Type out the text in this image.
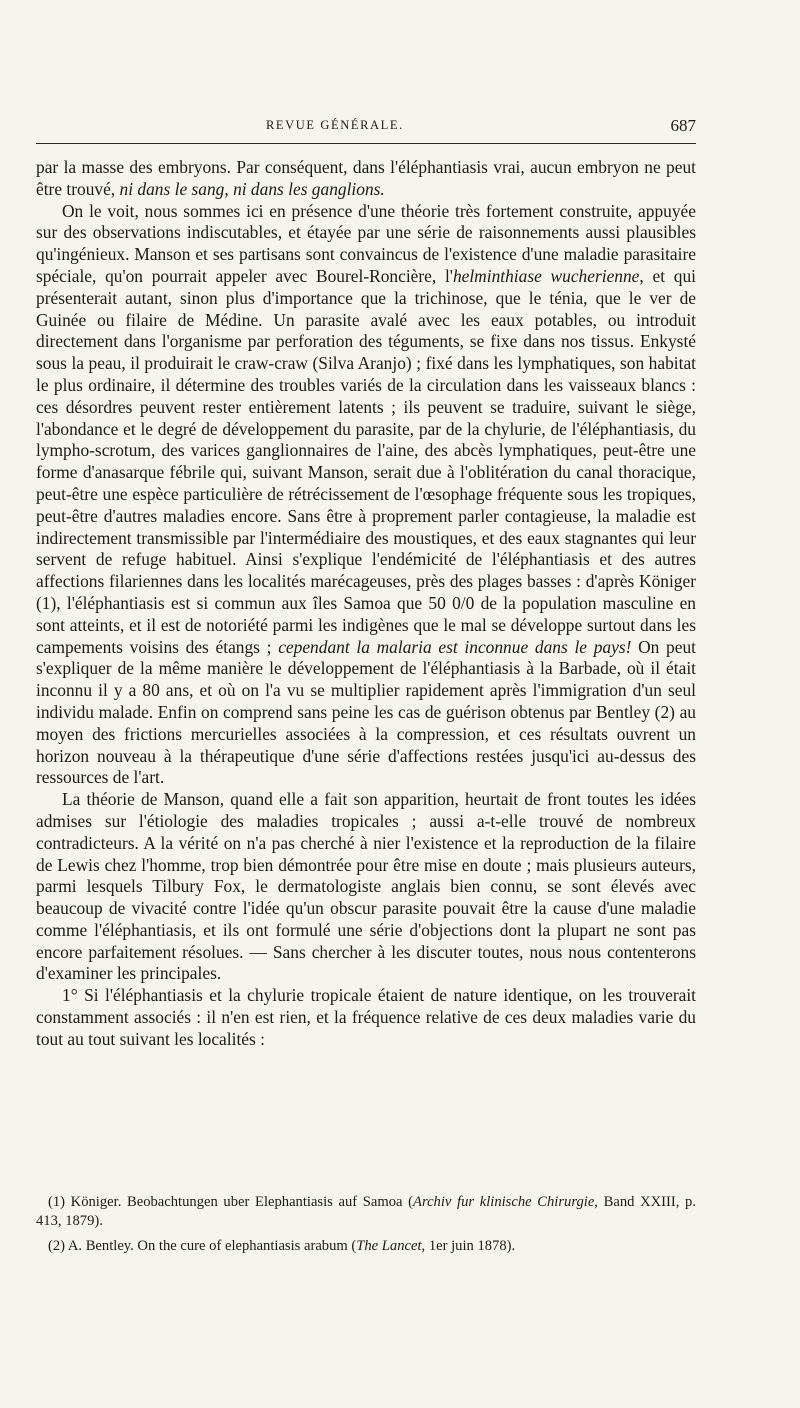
REVUE GÉNÉRALE.	687

par la masse des embryons. Par conséquent, dans l'éléphantiasis vrai, aucun embryon ne peut être trouvé, ni dans le sang, ni dans les ganglions.

On le voit, nous sommes ici en présence d'une théorie très fortement construite, appuyée sur des observations indiscutables, et étayée par une série de raisonnements aussi plausibles qu'ingénieux. Manson et ses partisans sont convaincus de l'existence d'une maladie parasitaire spéciale, qu'on pourrait appeler avec Bourel-Roncière, l'helminthiase wucherienne, et qui présenterait autant, sinon plus d'importance que la trichinose, que le ténia, que le ver de Guinée ou filaire de Médine. Un parasite avalé avec les eaux potables, ou introduit directement dans l'organisme par perforation des téguments, se fixe dans nos tissus. Enkysté sous la peau, il produirait le craw-craw (Silva Aranjo) ; fixé dans les lymphatiques, son habitat le plus ordinaire, il détermine des troubles variés de la circulation dans les vaisseaux blancs : ces désordres peuvent rester entièrement latents ; ils peuvent se traduire, suivant le siège, l'abondance et le degré de développement du parasite, par de la chylurie, de l'éléphantiasis, du lympho-scrotum, des varices ganglionnaires de l'aine, des abcès lymphatiques, peut-être une forme d'anasarque fébrile qui, suivant Manson, serait due à l'oblitération du canal thoracique, peut-être une espèce particulière de rétrécissement de l'œsophage fréquente sous les tropiques, peut-être d'autres maladies encore. Sans être à proprement parler contagieuse, la maladie est indirectement transmissible par l'intermédiaire des moustiques, et des eaux stagnantes qui leur servent de refuge habituel. Ainsi s'explique l'endémicité de l'éléphantiasis et des autres affections filariennes dans les localités marécageuses, près des plages basses : d'après Königer (1), l'éléphantiasis est si commun aux îles Samoa que 50 0/0 de la population masculine en sont atteints, et il est de notoriété parmi les indigènes que le mal se développe surtout dans les campements voisins des étangs ; cependant la malaria est inconnue dans le pays! On peut s'expliquer de la même manière le développement de l'éléphantiasis à la Barbade, où il était inconnu il y a 80 ans, et où on l'a vu se multiplier rapidement après l'immigration d'un seul individu malade. Enfin on comprend sans peine les cas de guérison obtenus par Bentley (2) au moyen des frictions mercurielles associées à la compression, et ces résultats ouvrent un horizon nouveau à la thérapeutique d'une série d'affections restées jusqu'ici au-dessus des ressources de l'art.

La théorie de Manson, quand elle a fait son apparition, heurtait de front toutes les idées admises sur l'étiologie des maladies tropicales ; aussi a-t-elle trouvé de nombreux contradicteurs. A la vérité on n'a pas cherché à nier l'existence et la reproduction de la filaire de Lewis chez l'homme, trop bien démontrée pour être mise en doute ; mais plusieurs auteurs, parmi lesquels Tilbury Fox, le dermatologiste anglais bien connu, se sont élevés avec beaucoup de vivacité contre l'idée qu'un obscur parasite pouvait être la cause d'une maladie comme l'éléphantiasis, et ils ont formulé une série d'objections dont la plupart ne sont pas encore parfaitement résolues. — Sans chercher à les discuter toutes, nous nous contenterons d'examiner les principales.

1° Si l'éléphantiasis et la chylurie tropicale étaient de nature identique, on les trouverait constamment associés : il n'en est rien, et la fréquence relative de ces deux maladies varie du tout au tout suivant les localités :

(1) Königer. Beobachtungen uber Elephantiasis auf Samoa (Archiv fur klinische Chirurgie, Band XXIII, p. 413, 1879).

(2) A. Bentley. On the cure of elephantiasis arabum (The Lancet, 1er juin 1878).
